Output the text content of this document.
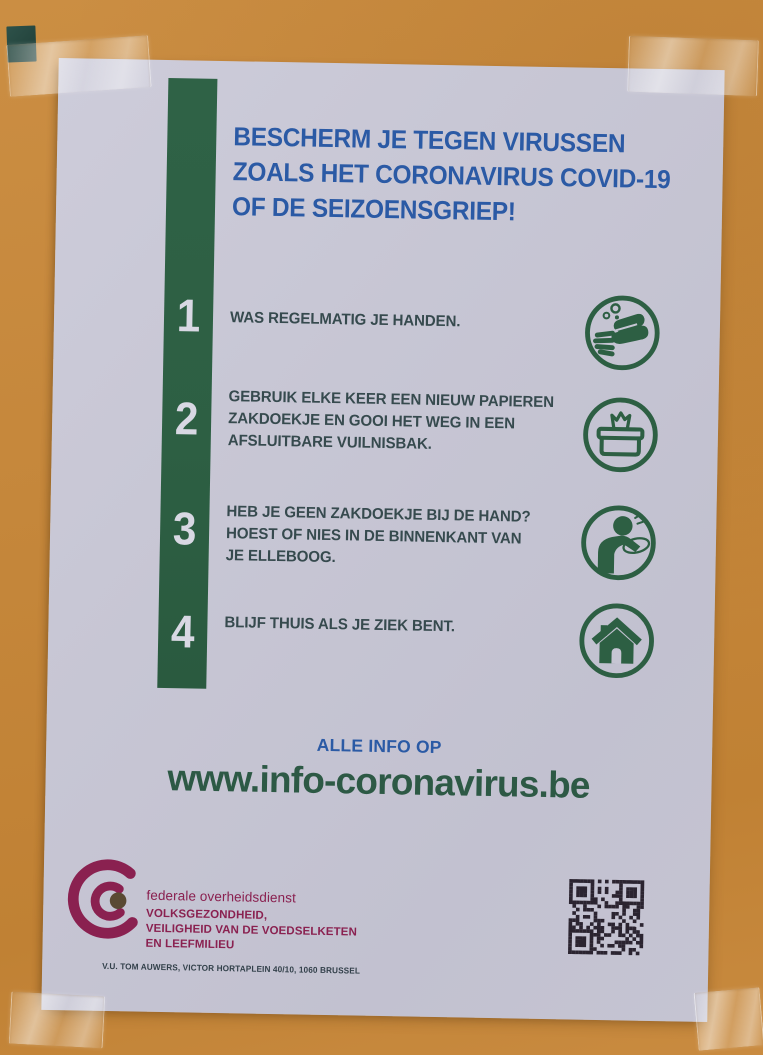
BESCHERM JE TEGEN VIRUSSEN
ZOALS HET CORONAVIRUS COVID-19
OF DE SEIZOENSGRIEP!
1
2
3
4
WAS REGELMATIG JE HANDEN.
GEBRUIK ELKE KEER EEN NIEUW PAPIEREN
ZAKDOEKJE EN GOOI HET WEG IN EEN
AFSLUITBARE VUILNISBAK.
HEB JE GEEN ZAKDOEKJE BIJ DE HAND?
HOEST OF NIES IN DE BINNENKANT VAN
JE ELLEBOOG.
BLIJF THUIS ALS JE ZIEK BENT.
ALLE INFO OP
www.info-coronavirus.be
federale overheidsdienst
VOLKSGEZONDHEID,
VEILIGHEID VAN DE VOEDSELKETEN
EN LEEFMILIEU
V.U. TOM AUWERS, VICTOR HORTAPLEIN 40/10, 1060 BRUSSEL
